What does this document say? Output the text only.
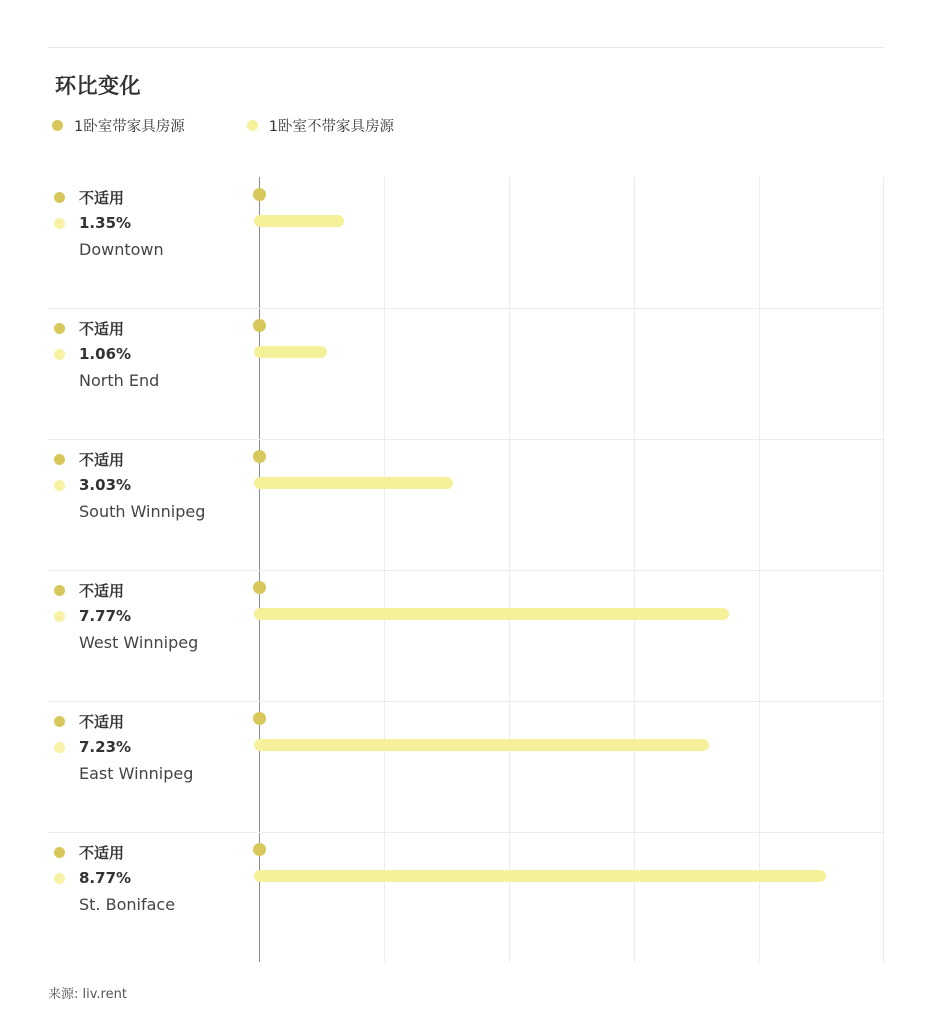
环比变化
1卧室带家具房源	1卧室不带家具房源
不适用
1.35%
Downtown
不适用
1.06%
North End
不适用
3.03%
South Winnipeg
不适用
7.77%
West Winnipeg
不适用
7.23%
East Winnipeg
不适用
8.77%
St. Boniface
来源: liv.rent
